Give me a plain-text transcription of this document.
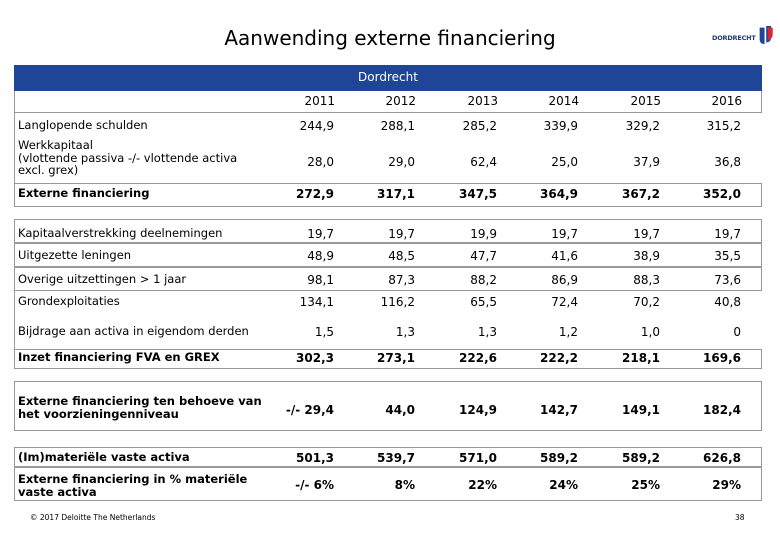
Aanwending externe financiering	DORDRECHT
Dordrecht
2011	2012	2013	2014	2015	2016
Langlopende schulden	244,9	288,1	285,2	339,9	329,2	315,2
Werkkapitaal
(vlottende passiva -/- vlottende activa
excl. grex)
28,0	29,0	62,4	25,0	37,9	36,8
Externe financiering	272,9	317,1	347,5	364,9	367,2	352,0
Kapitaalverstrekking deelnemingen	19,7	19,7	19,9	19,7	19,7	19,7
Uitgezette leningen	48,9	48,5	47,7	41,6	38,9	35,5
Overige uitzettingen > 1 jaar	98,1	87,3	88,2	86,9	88,3	73,6
Grondexploitaties	134,1	116,2	65,5	72,4	70,2	40,8
Bijdrage aan activa in eigendom derden	1,5	1,3	1,3	1,2	1,0	0
Inzet financiering FVA en GREX	302,3	273,1	222,6	222,2	218,1	169,6
Externe financiering ten behoeve van het voorzieningenniveau	-/- 29,4	44,0	124,9	142,7	149,1	182,4
(Im)materiële vaste activa	501,3	539,7	571,0	589,2	589,2	626,8
Externe financiering in % materiële vaste activa	-/- 6%	8%	22%	24%	25%	29%
© 2017 Deloitte The Netherlands	38
